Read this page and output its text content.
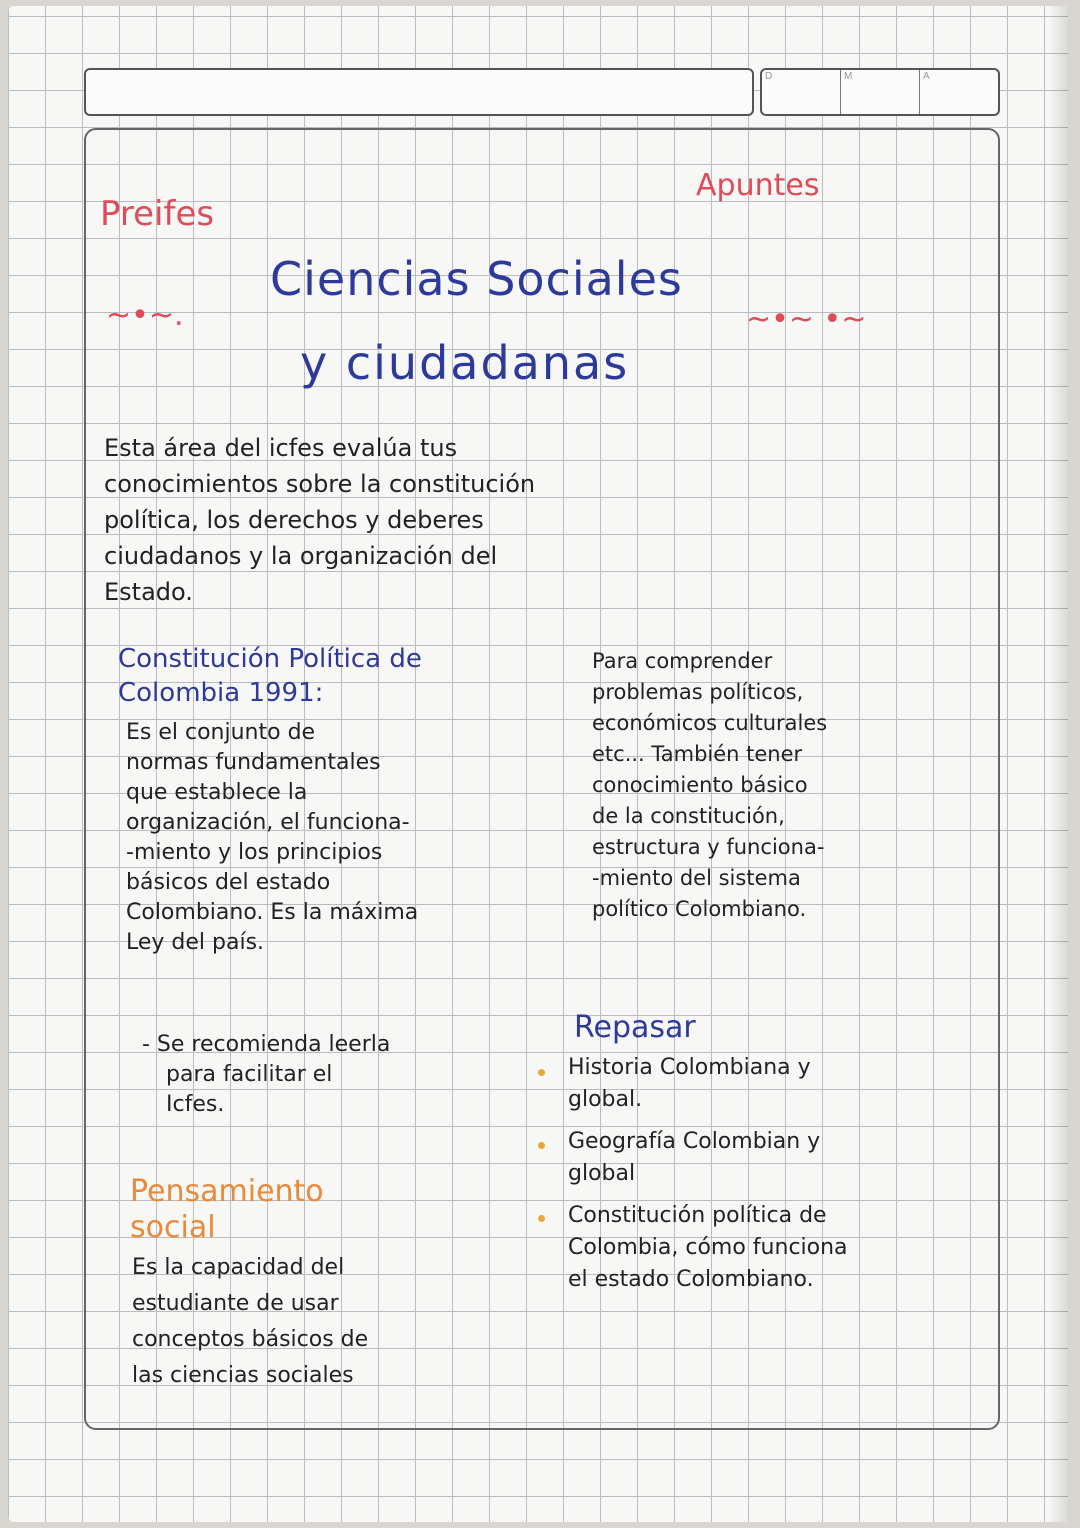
D	M	A
Preifes
Apuntes
Ciencias Sociales
y ciudadanas
~•~.	~•~ •~
Esta área del icfes evalúa tus
conocimientos sobre la constitución
política, los derechos y deberes
ciudadanos y la organización del
Estado.
Constitución Política de
Colombia 1991:
Es el conjunto de
normas fundamentales
que establece la
organización, el funciona-
-miento y los principios
básicos del estado
Colombiano. Es la máxima
Ley del país.
- Se recomienda leerla
para facilitar el
Icfes.
Para comprender
problemas políticos,
económicos culturales
etc... También tener
conocimiento básico
de la constitución,
estructura y funciona-
-miento del sistema
político Colombiano.
Repasar
Historia Colombiana y
global.
Geografía Colombian y
global
Constitución política de
Colombia, cómo funciona
el estado Colombiano.
Pensamiento
social
Es la capacidad del
estudiante de usar
conceptos básicos de
las ciencias sociales
